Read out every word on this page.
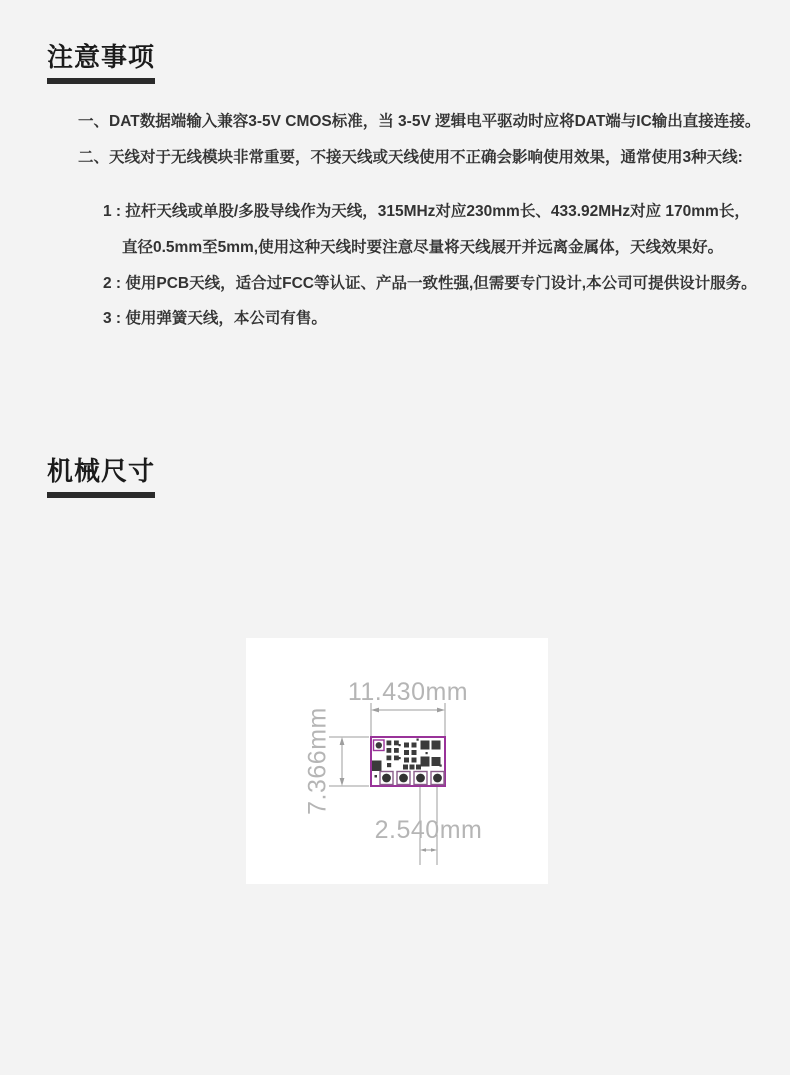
注意事项
一、DAT数据端输入兼容3-5V CMOS标准，当 3-5V 逻辑电平驱动时应将DAT端与IC输出直接连接。
二、天线对于无线模块非常重要，不接天线或天线使用不正确会影响使用效果，通常使用3种天线:
1 : 拉杆天线或单股/多股导线作为天线，315MHz对应230mm长、433.92MHz对应 170mm长，
直径0.5mm至5mm,使用这种天线时要注意尽量将天线展开并远离金属体，天线效果好。
2 : 使用PCB天线，适合过FCC等认证、产品一致性强,但需要专门设计,本公司可提供设计服务。
3 : 使用弹簧天线，本公司有售。
机械尺寸
11.430mm
7.366mm
2.540mm
